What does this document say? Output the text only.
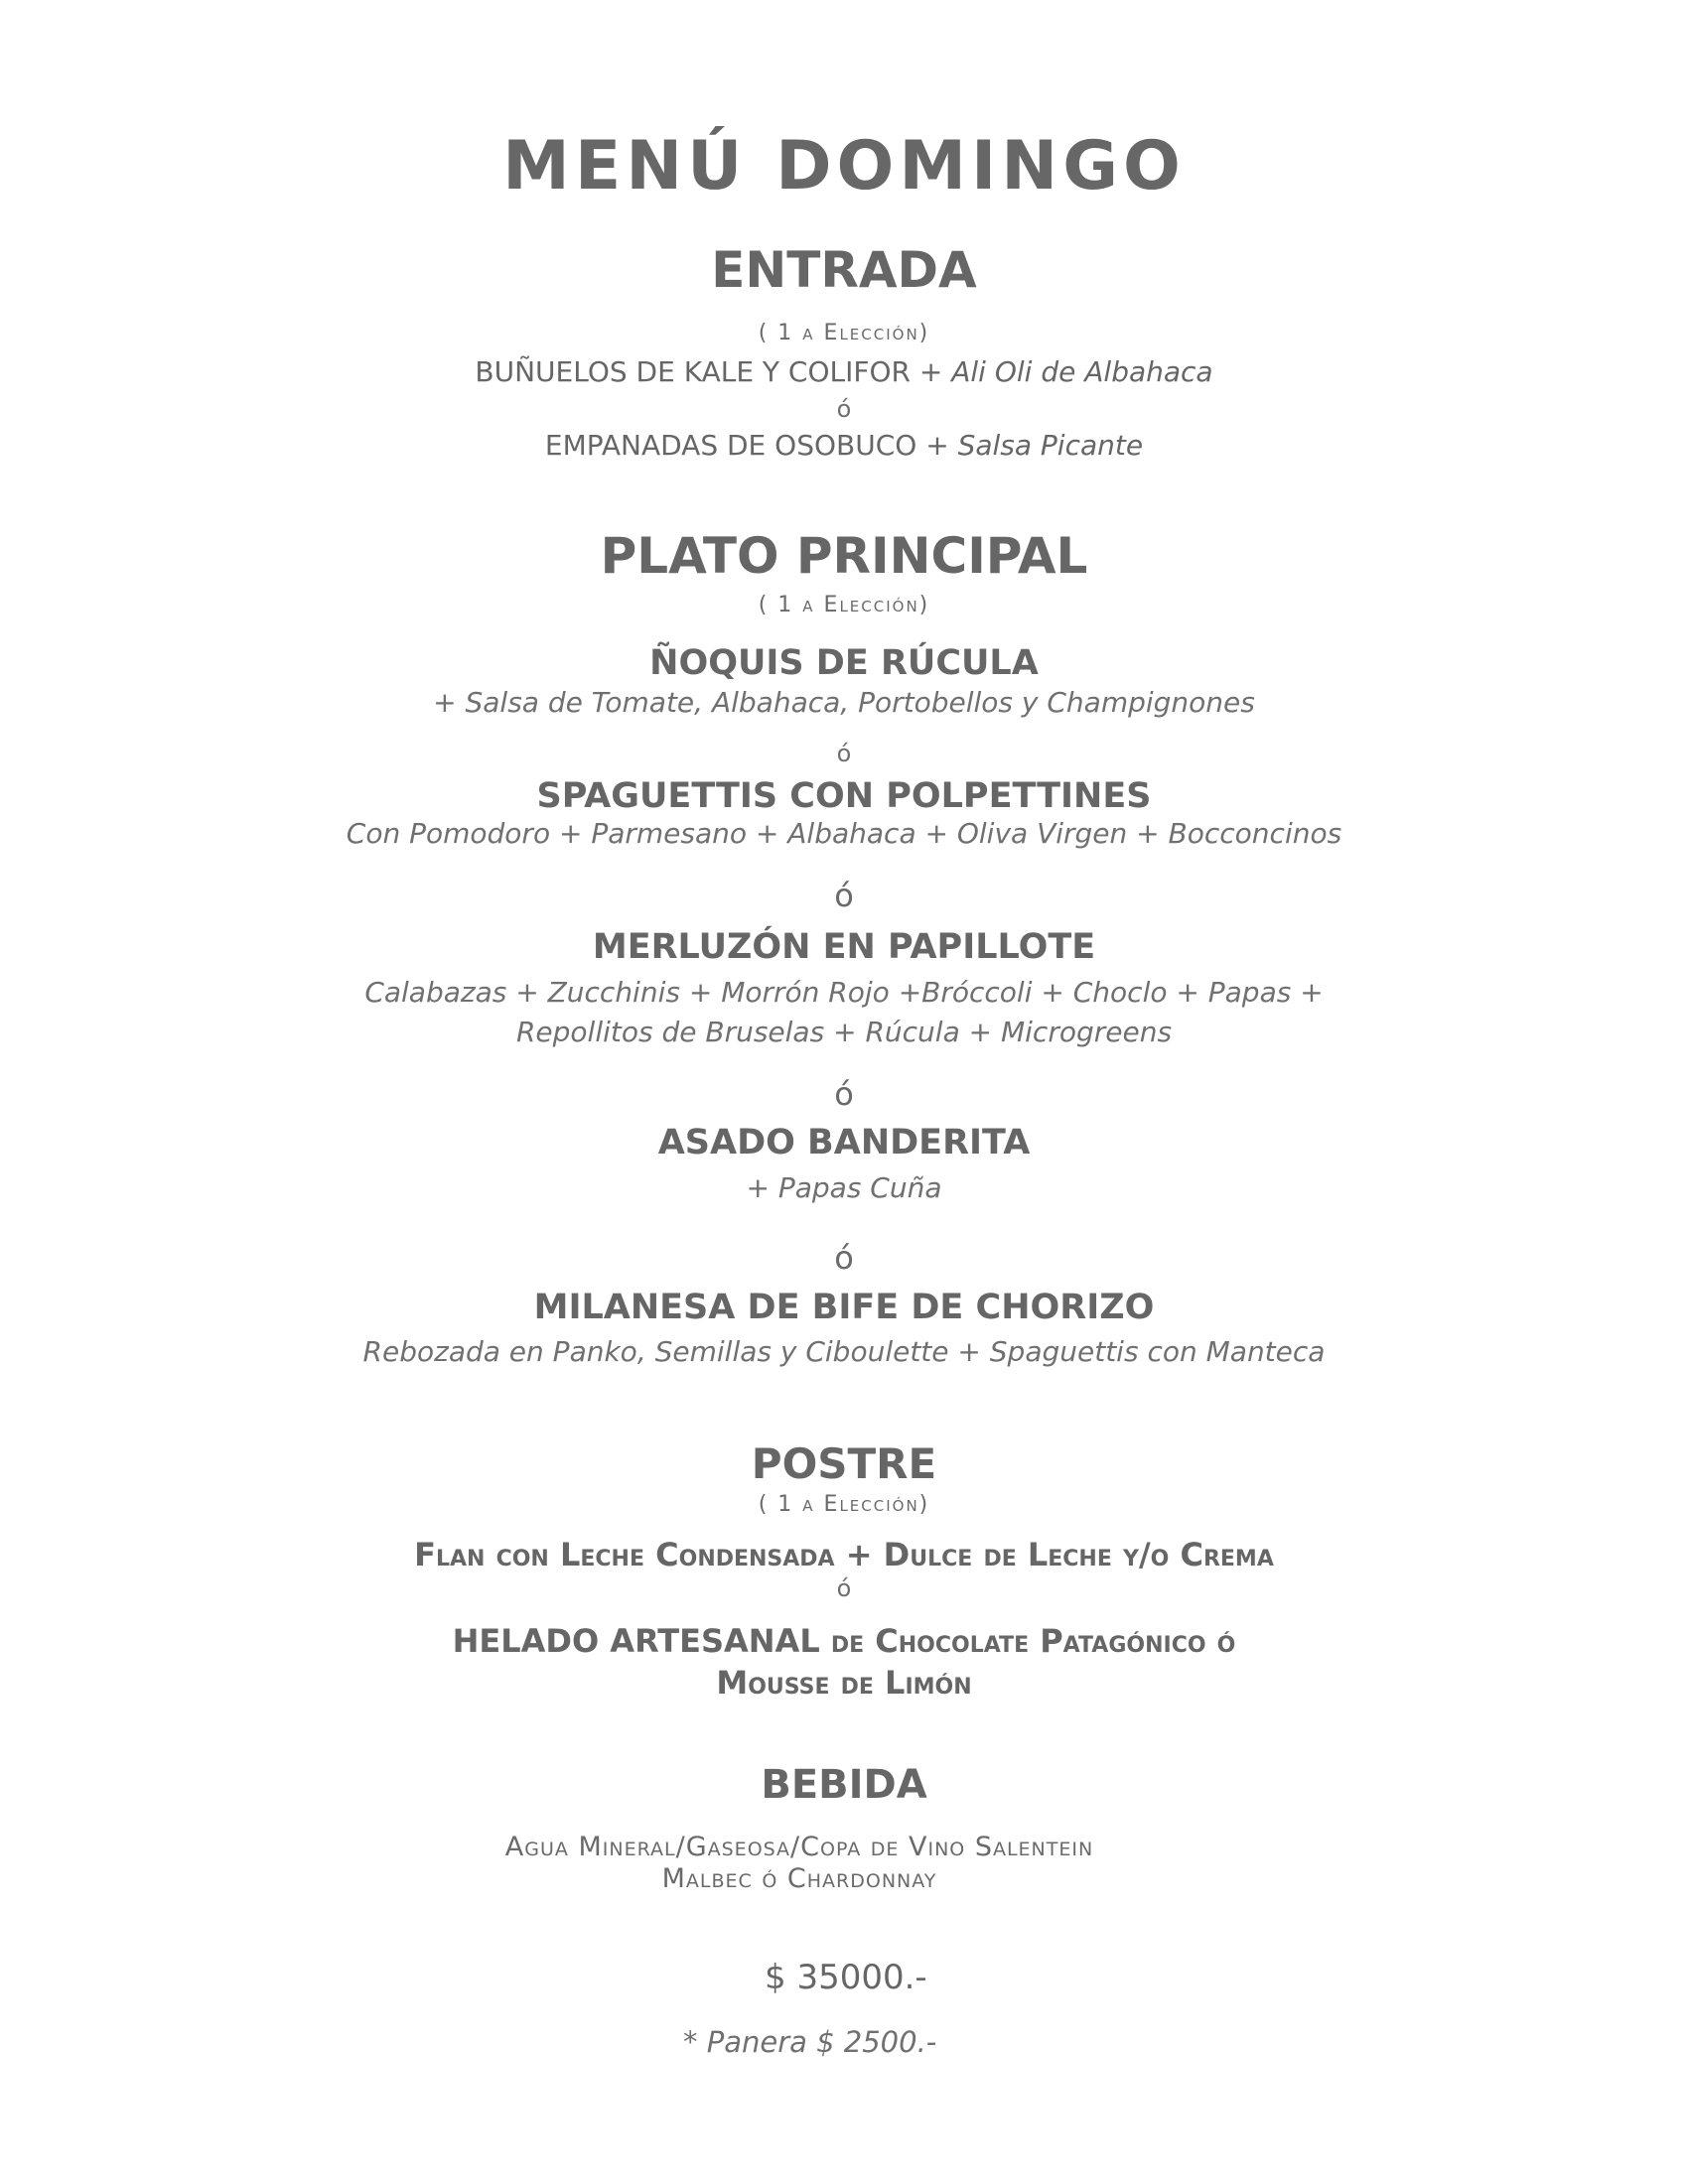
MENÚ DOMINGO
ENTRADA
( 1 a Elección)
BUÑUELOS DE KALE Y COLIFOR + Ali Oli de Albahaca
ó
EMPANADAS DE OSOBUCO + Salsa Picante
PLATO PRINCIPAL
( 1 a Elección)
ÑOQUIS DE RÚCULA
+ Salsa de Tomate, Albahaca, Portobellos y Champignones
ó
SPAGUETTIS CON POLPETTINES
Con Pomodoro + Parmesano + Albahaca + Oliva Virgen + Bocconcinos
ó
MERLUZÓN EN PAPILLOTE
Calabazas + Zucchinis + Morrón Rojo +Bróccoli + Choclo + Papas +
Repollitos de Bruselas + Rúcula + Microgreens
ó
ASADO BANDERITA
+ Papas Cuña
ó
MILANESA DE BIFE DE CHORIZO
Rebozada en Panko, Semillas y Ciboulette + Spaguettis con Manteca
POSTRE
( 1 a Elección)
Flan con Leche Condensada + Dulce de Leche y/o Crema
ó
HELADO ARTESANAL de Chocolate Patagónico ó
Mousse de Limón
BEBIDA
Agua Mineral/Gaseosa/Copa de Vino Salentein
Malbec ó Chardonnay
$ 35000.-
* Panera $ 2500.-
